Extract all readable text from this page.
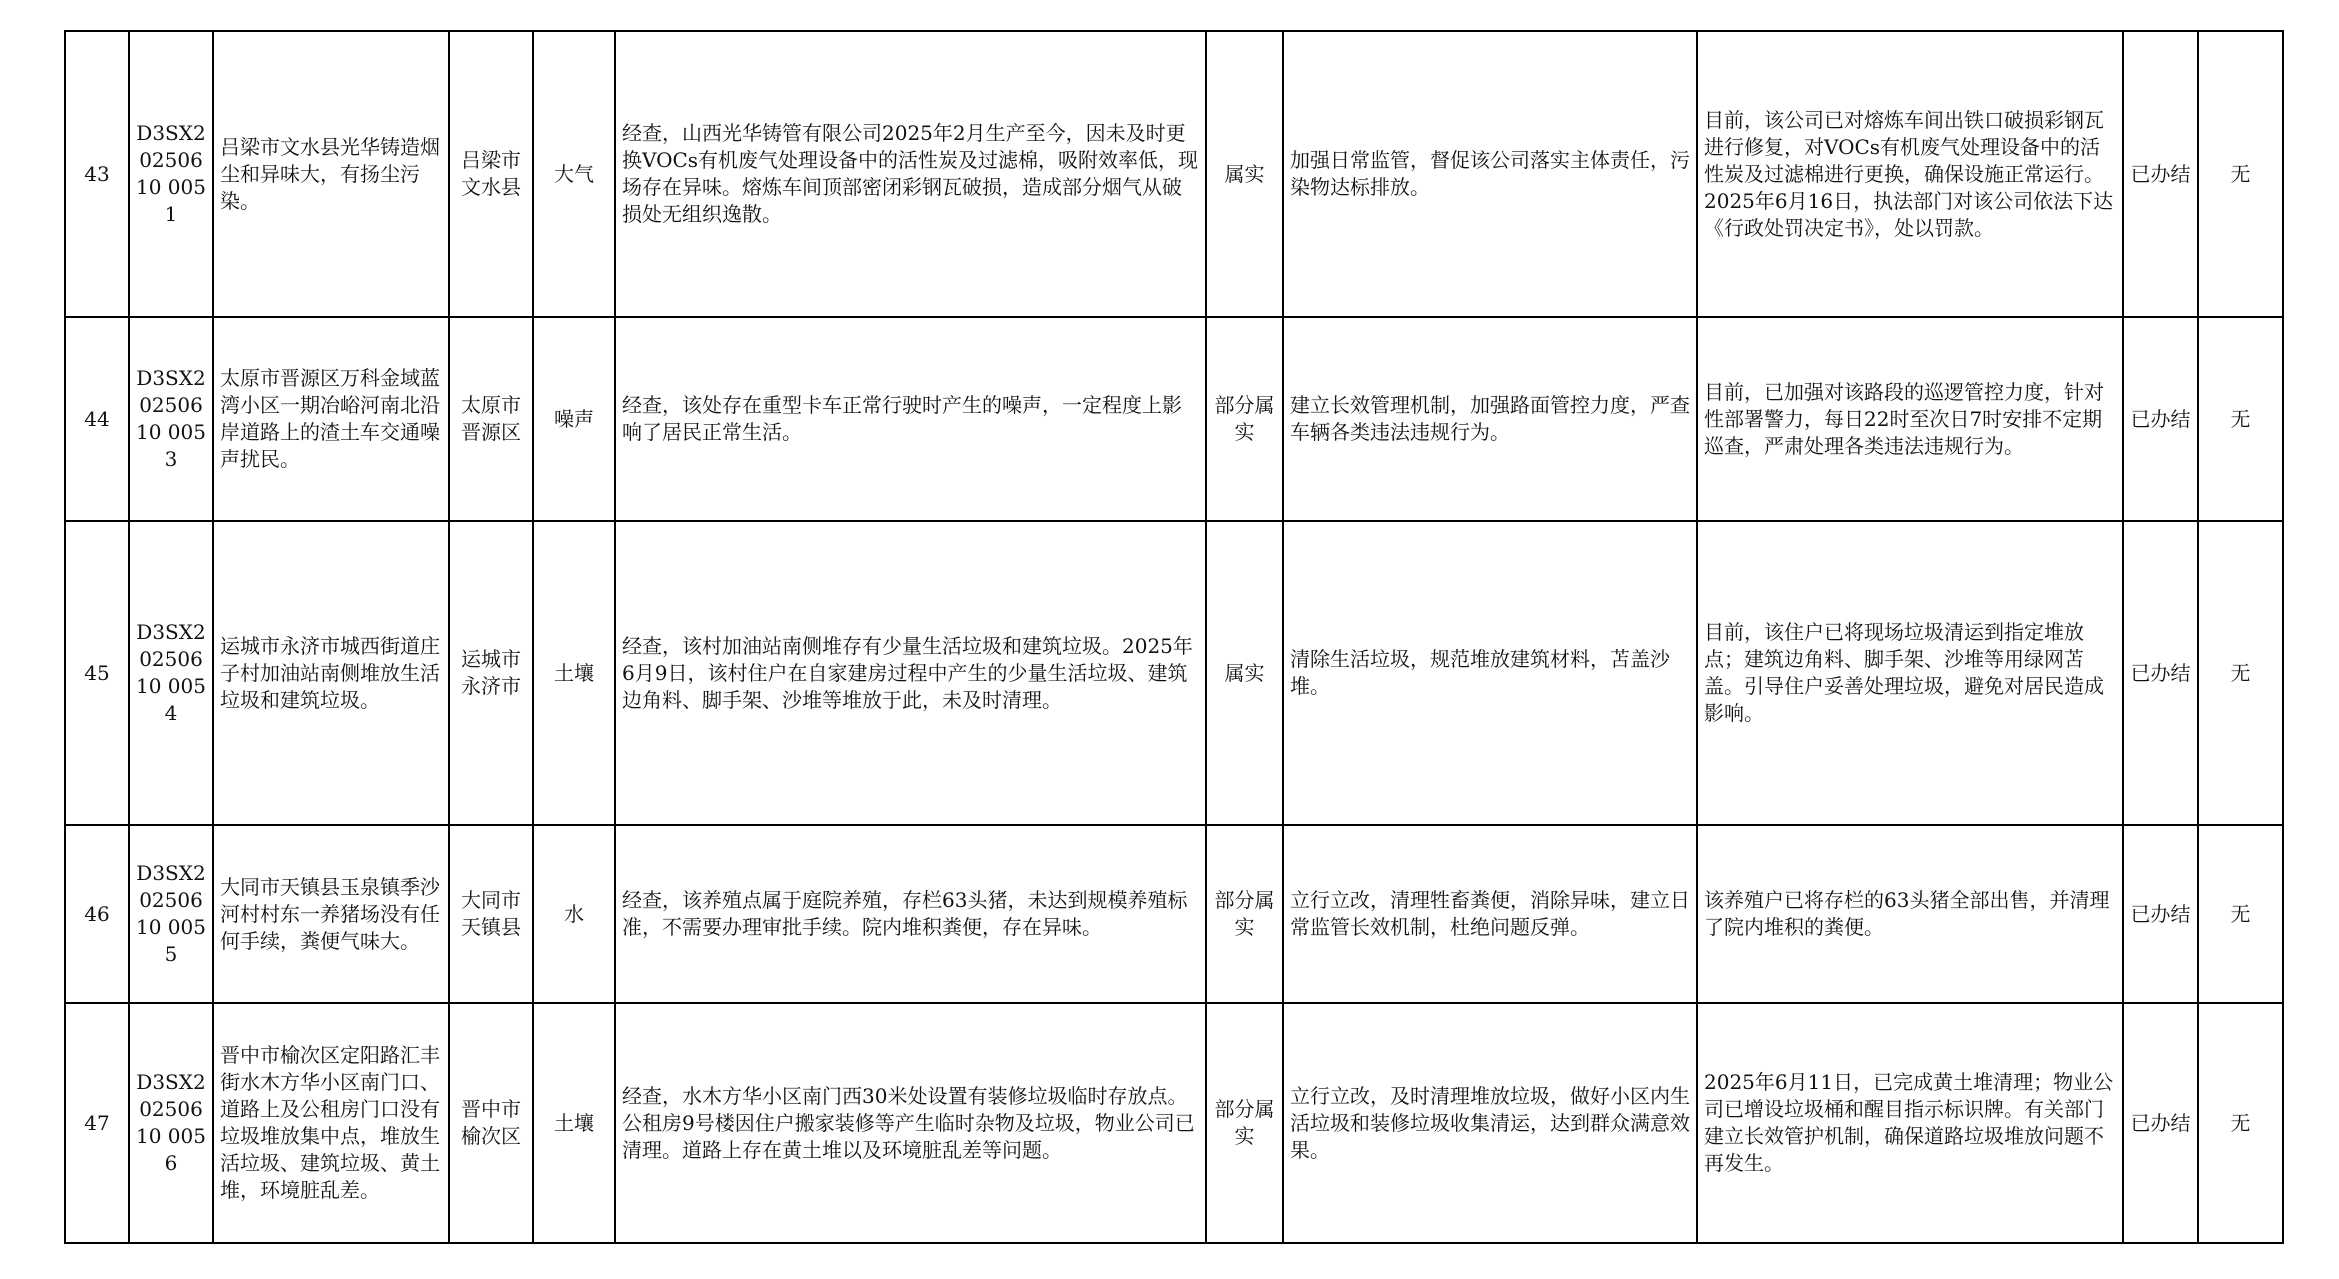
43	D3SX20250610 0051	吕梁市文水县光华铸造烟尘和异味大，有扬尘污染。	吕梁市文水县	大气	经查，山西光华铸管有限公司2025年2月生产至今，因未及时更换VOCs有机废气处理设备中的活性炭及过滤棉，吸附效率低，现场存在异味。熔炼车间顶部密闭彩钢瓦破损，造成部分烟气从破损处无组织逸散。	属实	加强日常监管，督促该公司落实主体责任，污染物达标排放。	目前，该公司已对熔炼车间出铁口破损彩钢瓦进行修复，对VOCs有机废气处理设备中的活性炭及过滤棉进行更换，确保设施正常运行。2025年6月16日，执法部门对该公司依法下达《行政处罚决定书》，处以罚款。	已办结	无
44	D3SX20250610 0053	太原市晋源区万科金域蓝湾小区一期冶峪河南北沿岸道路上的渣土车交通噪声扰民。	太原市晋源区	噪声	经查，该处存在重型卡车正常行驶时产生的噪声，一定程度上影响了居民正常生活。	部分属实	建立长效管理机制，加强路面管控力度，严查车辆各类违法违规行为。	目前，已加强对该路段的巡逻管控力度，针对性部署警力，每日22时至次日7时安排不定期巡查，严肃处理各类违法违规行为。	已办结	无
45	D3SX20250610 0054	运城市永济市城西街道庄子村加油站南侧堆放生活垃圾和建筑垃圾。	运城市永济市	土壤	经查，该村加油站南侧堆存有少量生活垃圾和建筑垃圾。2025年6月9日，该村住户在自家建房过程中产生的少量生活垃圾、建筑边角料、脚手架、沙堆等堆放于此，未及时清理。	属实	清除生活垃圾，规范堆放建筑材料，苫盖沙堆。	目前，该住户已将现场垃圾清运到指定堆放点；建筑边角料、脚手架、沙堆等用绿网苫盖。引导住户妥善处理垃圾，避免对居民造成影响。	已办结	无
46	D3SX20250610 0055	大同市天镇县玉泉镇季沙河村村东一养猪场没有任何手续，粪便气味大。	大同市天镇县	水	经查，该养殖点属于庭院养殖，存栏63头猪，未达到规模养殖标准，不需要办理审批手续。院内堆积粪便，存在异味。	部分属实	立行立改，清理牲畜粪便，消除异味，建立日常监管长效机制，杜绝问题反弹。	该养殖户已将存栏的63头猪全部出售，并清理了院内堆积的粪便。	已办结	无
47	D3SX20250610 0056	晋中市榆次区定阳路汇丰街水木方华小区南门口、道路上及公租房门口没有垃圾堆放集中点，堆放生活垃圾、建筑垃圾、黄土堆，环境脏乱差。	晋中市榆次区	土壤	经查，水木方华小区南门西30米处设置有装修垃圾临时存放点。公租房9号楼因住户搬家装修等产生临时杂物及垃圾，物业公司已清理。道路上存在黄土堆以及环境脏乱差等问题。	部分属实	立行立改，及时清理堆放垃圾，做好小区内生活垃圾和装修垃圾收集清运，达到群众满意效果。	2025年6月11日，已完成黄土堆清理；物业公司已增设垃圾桶和醒目指示标识牌。有关部门建立长效管护机制，确保道路垃圾堆放问题不再发生。	已办结	无
